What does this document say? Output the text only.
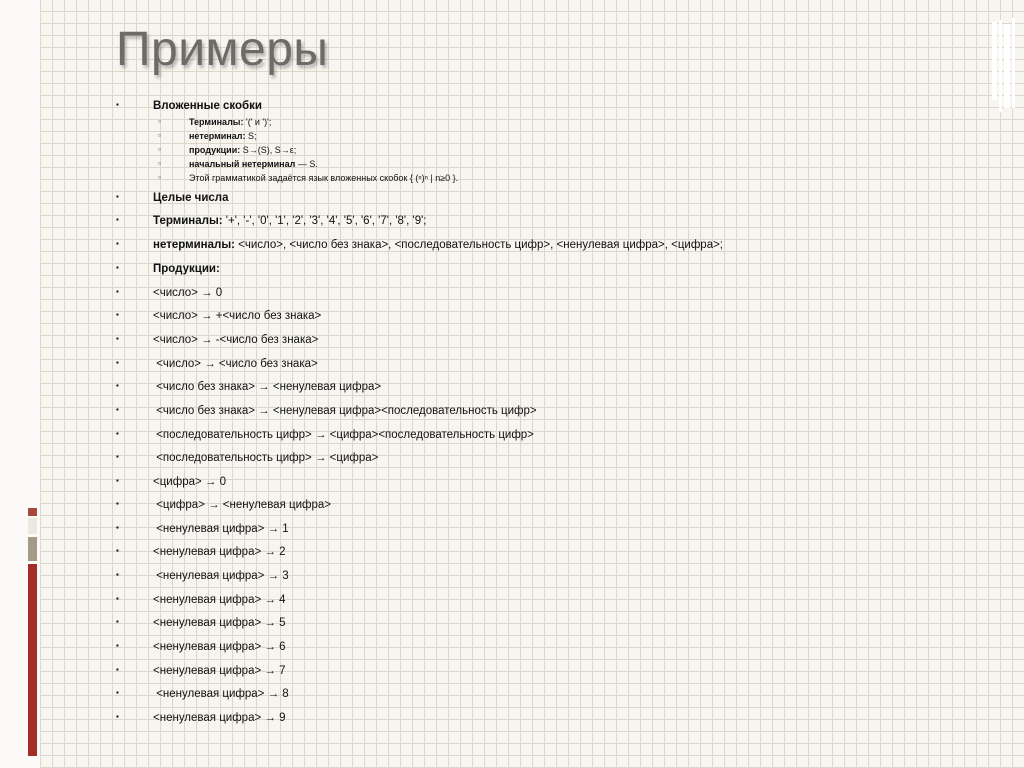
Примеры
▪	Вложенные скобки
▫	Терминалы: '(' и ')';
▫	нетерминал: S;
▫	продукции: S→(S), S→ε;
▫	начальный нетерминал — S.
▫	Этой грамматикой задаётся язык вложенных скобок { (ⁿ)ⁿ | n≥0 }.
▪	Целые числа
▪	Терминалы: '+', '-', '0', '1', '2', '3', '4', '5', '6', '7', '8', '9';
▪	нетерминалы: <число>, <число без знака>, <последовательность цифр>, <ненулевая цифра>, <цифра>;
▪	Продукции:
▪	<число> → 0
▪	<число> → +<число без знака>
▪	<число> → -<число без знака>
▪	<число> → <число без знака>
▪	<число без знака> → <ненулевая цифра>
▪	<число без знака> → <ненулевая цифра><последовательность цифр>
▪	<последовательность цифр> → <цифра><последовательность цифр>
▪	<последовательность цифр> → <цифра>
▪	<цифра> → 0
▪	<цифра> → <ненулевая цифра>
▪	<ненулевая цифра> → 1
▪	<ненулевая цифра> → 2
▪	<ненулевая цифра> → 3
▪	<ненулевая цифра> → 4
▪	<ненулевая цифра> → 5
▪	<ненулевая цифра> → 6
▪	<ненулевая цифра> → 7
▪	<ненулевая цифра> → 8
▪	<ненулевая цифра> → 9
